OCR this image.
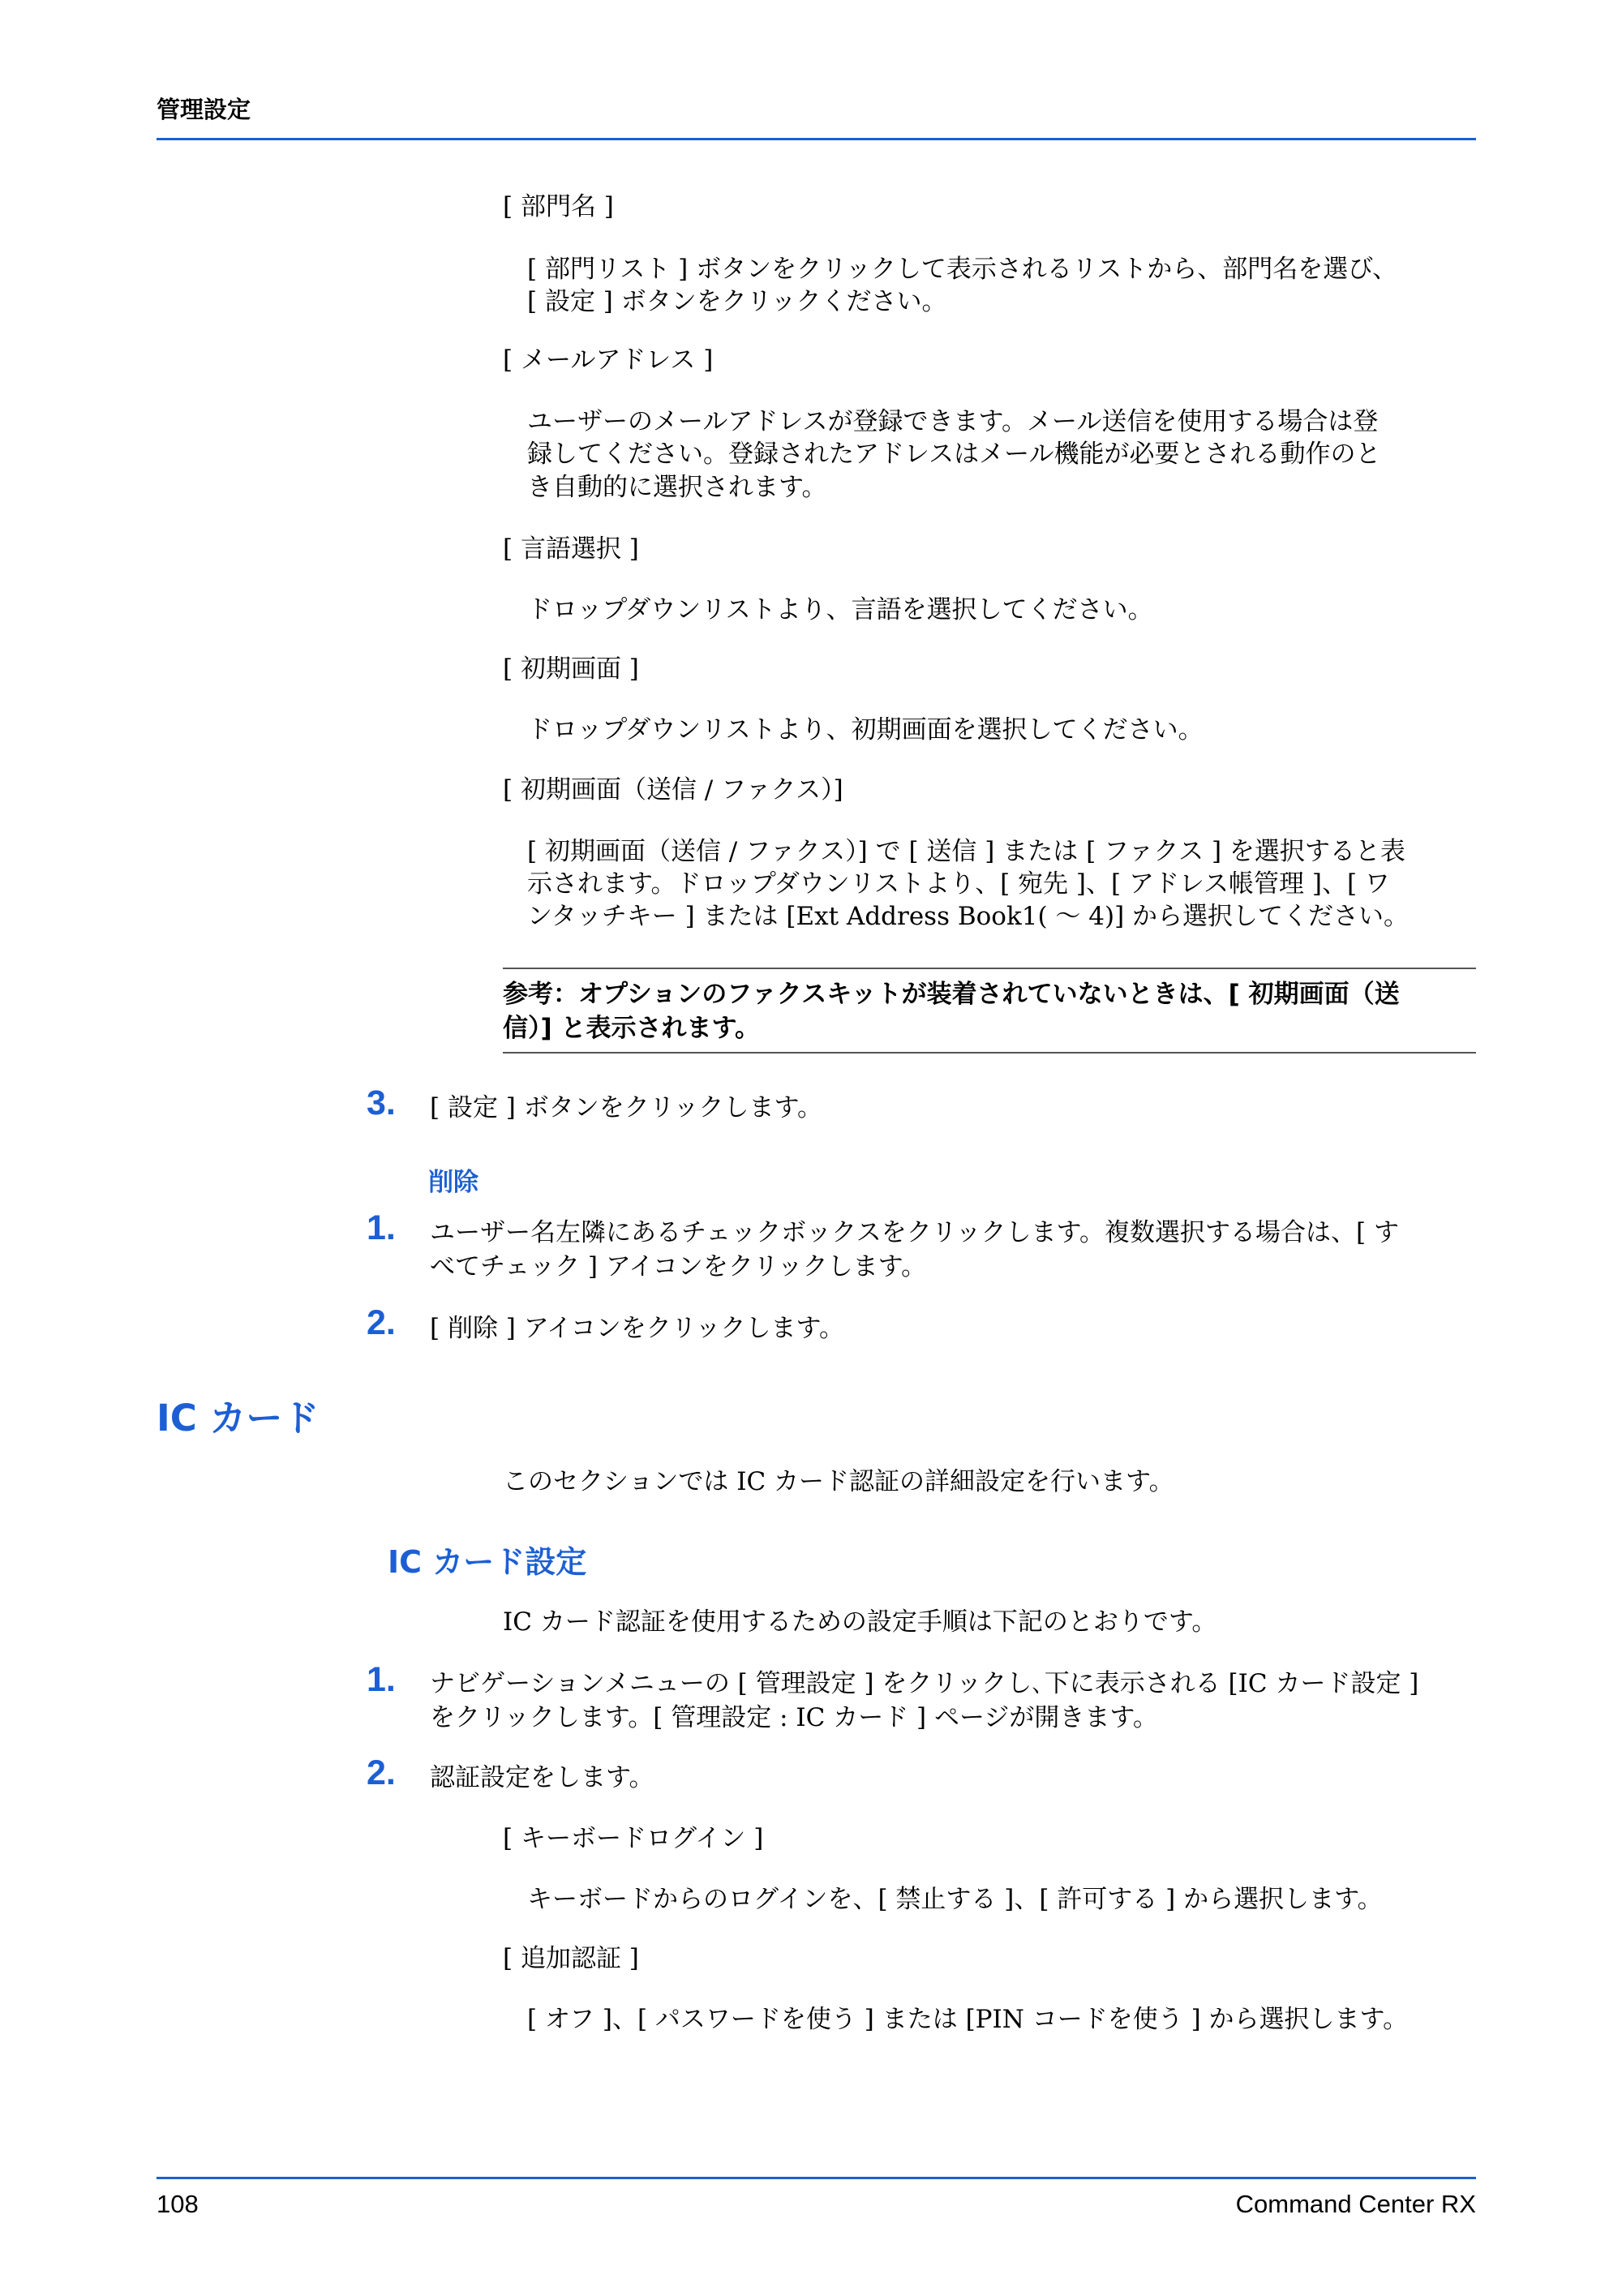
管理設定
[ 部門名 ]
[ 部門リスト ] ボタンをクリックして表示されるリストから、部門名を選び、
[ 設定 ] ボタンをクリックください。
[ メールアドレス ]
ユーザーのメールアドレスが登録できます。メール送信を使用する場合は登
録してください。登録されたアドレスはメール機能が必要とされる動作のと
き自動的に選択されます。
[ 言語選択 ]
ドロップダウンリストより、言語を選択してください。
[ 初期画面 ]
ドロップダウンリストより、初期画面を選択してください。
[ 初期画面（送信 / ファクス）]
[ 初期画面（送信 / ファクス）] で [ 送信 ] または [ ファクス ] を選択すると表
示されます。ドロップダウンリストより、[ 宛先 ]、[ アドレス帳管理 ]、[ ワ
ンタッチキー ] または [Ext Address Book1( ～ 4)] から選択してください。
参考：オプションのファクスキットが装着されていないときは、[ 初期画面（送
信）] と表示されます。
3. [ 設定 ] ボタンをクリックします。
削除
1. ユーザー名左隣にあるチェックボックスをクリックします。複数選択する場合は、[ す
べてチェック ] アイコンをクリックします。
2. [ 削除 ] アイコンをクリックします。
IC カード
このセクションでは IC カード認証の詳細設定を行います。
IC カード設定
IC カード認証を使用するための設定手順は下記のとおりです。
1. ナビゲーションメニューの [ 管理設定 ] をクリックし､下に表示される [IC カード設定 ]
をクリックします。[ 管理設定 : IC カード ] ページが開きます。
2. 認証設定をします。
[ キーボードログイン ]
キーボードからのログインを、[ 禁止する ]、[ 許可する ] から選択します。
[ 追加認証 ]
[ オフ ]、[ パスワードを使う ] または [PIN コードを使う ] から選択します。
108	Command Center RX
